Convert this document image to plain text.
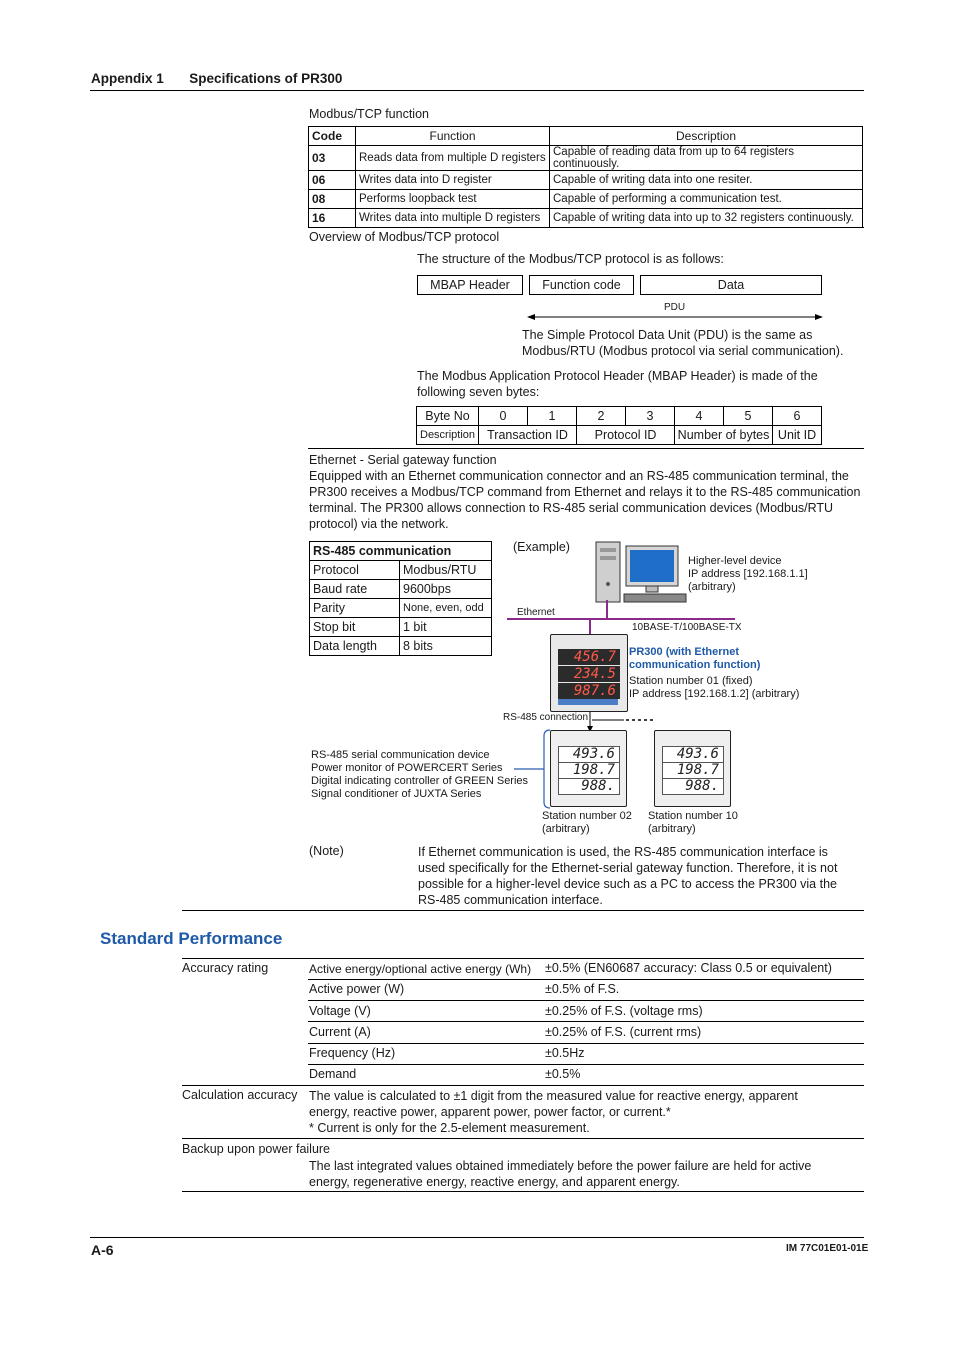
Appendix 1 Specifications of PR300
Modbus/TCP function
Code	Function	Description
03	Reads data from multiple D registers	Capable of reading data from up to 64 registers continuously.
06	Writes data into D register	Capable of writing data into one resiter.
08	Performs loopback test	Capable of performing a communication test.
16	Writes data into multiple D registers	Capable of writing data into up to 32 registers continuously.
Overview of Modbus/TCP protocol
The structure of the Modbus/TCP protocol is as follows:
MBAP Header	Function code	Data
PDU
The Simple Protocol Data Unit (PDU) is the same as
Modbus/RTU (Modbus protocol via serial communication).
The Modbus Application Protocol Header (MBAP Header) is made of the
following seven bytes:
Byte No	0	1	2	3	4	5	6
Description	Transaction ID		Protocol ID		Number of bytes		Unit ID
Ethernet - Serial gateway function
Equipped with an Ethernet communication connector and an RS-485 communication terminal, the
PR300 receives a Modbus/TCP command from Ethernet and relays it to the RS-485 communication
terminal. The PR300 allows connection to RS-485 serial communication devices (Modbus/RTU
protocol) via the network.
RS-485 communication	
Protocol	Modbus/RTU
Baud rate	9600bps
Parity	None, even, odd
Stop bit	1 bit
Data length	8 bits
(Example)
Higher-level device
IP address [192.168.1.1]
(arbitrary)
Ethernet
10BASE-T/100BASE-TX
456.7
234.5
987.6
PR300 (with Ethernet
communication function)
Station number 01 (fixed)
IP address [192.168.1.2] (arbitrary)
RS-485 connection
493.6
198.7
988.
493.6
198.7
988.
RS-485 serial communication device
Power monitor of POWERCERT Series
Digital indicating controller of GREEN Series
Signal conditioner of JUXTA Series
Station number 02
(arbitrary)
Station number 10
(arbitrary)
(Note)	If Ethernet communication is used, the RS-485 communication interface is
used specifically for the Ethernet-serial gateway function. Therefore, it is not
possible for a higher-level device such as a PC to access the PR300 via the
RS-485 communication interface.
Standard Performance
Accuracy rating	Active energy/optional active energy (Wh) ±0.5% (EN60687 accuracy: Class 0.5 or equivalent)
Active power (W)	±0.5% of F.S.
Voltage (V)	±0.25% of F.S. (voltage rms)
Current (A)	±0.25% of F.S. (current rms)
Frequency (Hz)	±0.5Hz
Demand	±0.5%
Calculation accuracy The value is calculated to ±1 digit from the measured value for reactive energy, apparent
energy, reactive power, apparent power, power factor, or current.*
* Current is only for the 2.5-element measurement.
Backup upon power failure
The last integrated values obtained immediately before the power failure are held for active
energy, regenerative energy, reactive energy, and apparent energy.
A-6	IM 77C01E01-01E
